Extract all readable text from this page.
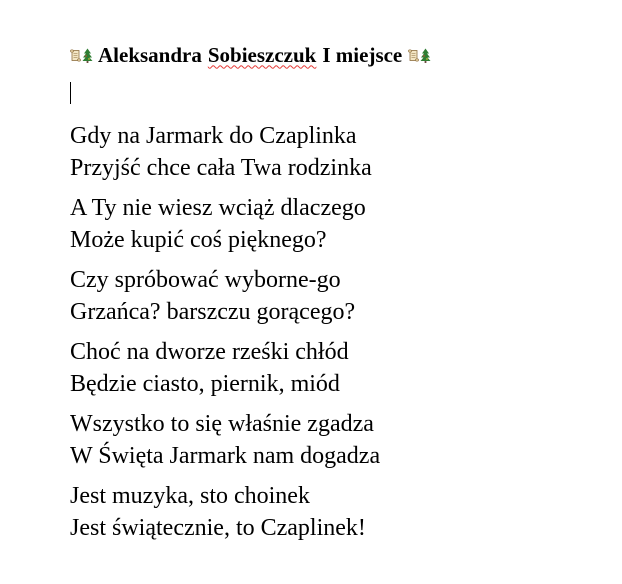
Aleksandra Sobieszczuk I miejsce
Gdy na Jarmark do Czaplinka
Przyjść chce cała Twa rodzinka
A Ty nie wiesz wciąż dlaczego
Może kupić coś pięknego?
Czy spróbować wyborne-go
Grzańca? barszczu gorącego?
Choć na dworze rześki chłód
Będzie ciasto, piernik, miód
Wszystko to się właśnie zgadza
W Święta Jarmark nam dogadza
Jest muzyka, sto choinek
Jest świątecznie, to Czaplinek!
